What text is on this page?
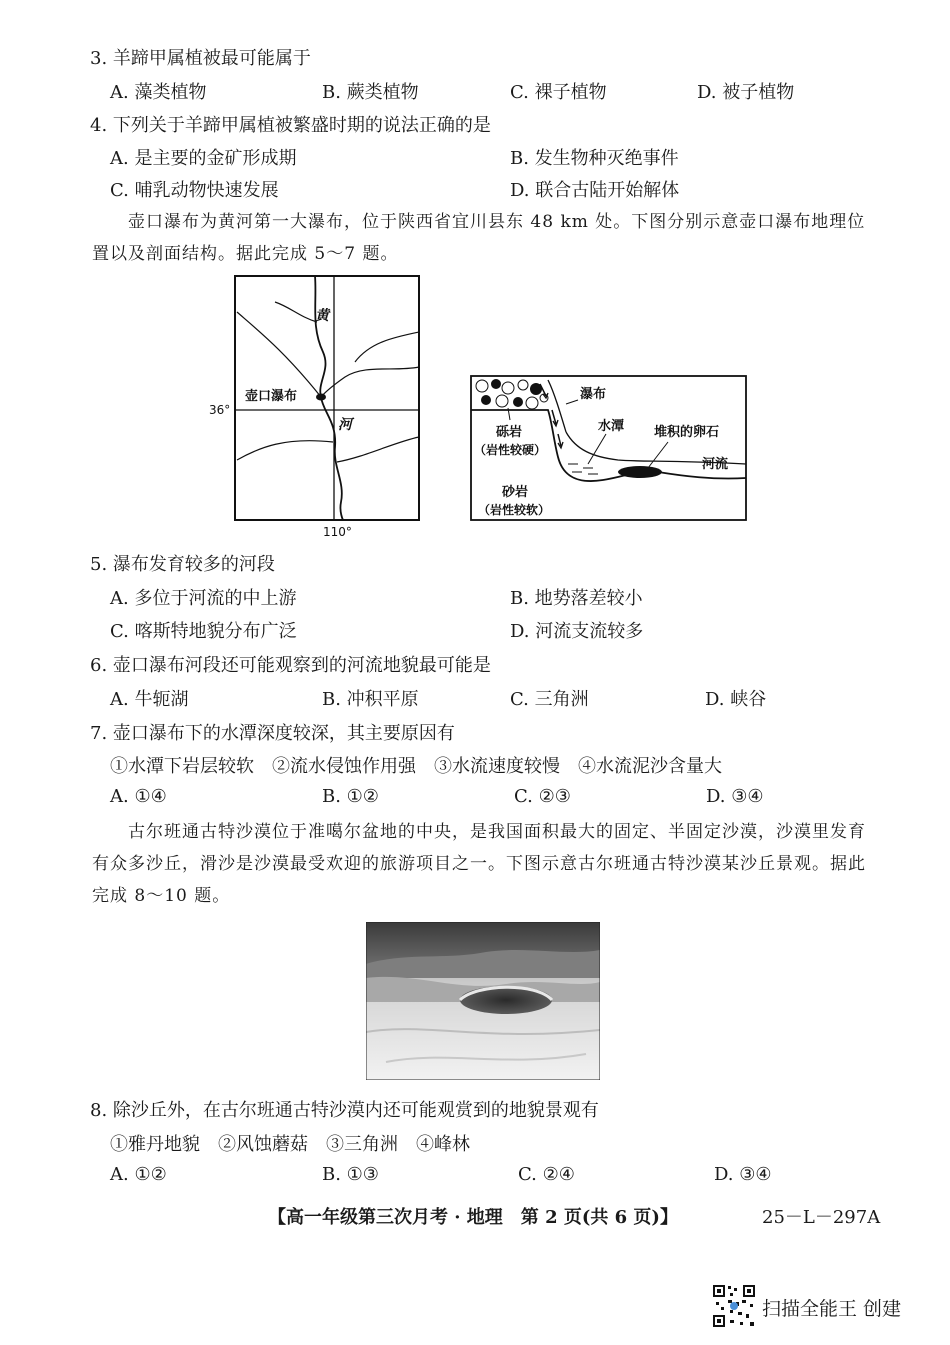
3. 羊蹄甲属植被最可能属于
A. 藻类植物	B. 蕨类植物	C. 裸子植物	D. 被子植物
4. 下列关于羊蹄甲属植被繁盛时期的说法正确的是
A. 是主要的金矿形成期	B. 发生物种灭绝事件
C. 哺乳动物快速发展	D. 联合古陆开始解体
壶口瀑布为黄河第一大瀑布，位于陕西省宜川县东 48 km 处。下图分别示意壶口瀑布地理位置以及剖面结构。据此完成 5～7 题。
壶口瀑布
黄
河
36°
110°
瀑布
水潭 堆积的卵石
河流
砾岩
（岩性较硬）
砂岩
（岩性较软）
5. 瀑布发育较多的河段
A. 多位于河流的中上游	B. 地势落差较小
C. 喀斯特地貌分布广泛	D. 河流支流较多
6. 壶口瀑布河段还可能观察到的河流地貌最可能是
A. 牛轭湖	B. 冲积平原	C. 三角洲	D. 峡谷
7. 壶口瀑布下的水潭深度较深，其主要原因有
①水潭下岩层较软　②流水侵蚀作用强　③水流速度较慢　④水流泥沙含量大
A. ①④	B. ①②	C. ②③	D. ③④
古尔班通古特沙漠位于准噶尔盆地的中央，是我国面积最大的固定、半固定沙漠，沙漠里发育有众多沙丘，滑沙是沙漠最受欢迎的旅游项目之一。下图示意古尔班通古特沙漠某沙丘景观。据此完成 8～10 题。
8. 除沙丘外，在古尔班通古特沙漠内还可能观赏到的地貌景观有
①雅丹地貌　②风蚀蘑菇　③三角洲　④峰林
A. ①②	B. ①③	C. ②④	D. ③④
【高一年级第三次月考 · 地理　第 2 页(共 6 页)】	25－L－297A
扫描全能王 创建
